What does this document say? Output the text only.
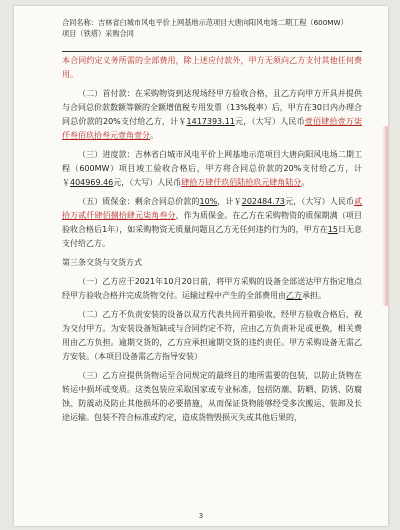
合同名称：吉林省白城市风电平价上网基地示范项目大唐向阳风电场二期工程（600MW）
项目（铁塔）采购合同

本合同约定义务所需的全部费用，除上述应付款外，甲方无须向乙方支付其他任何费用。

（二）首付款：在采购物资到达现场经甲方验收合格，且乙方向甲方开具并提供与合同总价款数额等额的全额增值税专用发票（13%税率）后，甲方在30日内办理合同总价款的20%支付给乙方，计￥1417393.11元，（大写）人民币壹佰肆拾壹万柒仟叁佰玖拾叁元壹角壹分。

（三）进度款：吉林省白城市风电平价上网基地示范项目大唐向阳风电场二期工程（600MW）项目竣工验收合格后，甲方将合同总价款的20%支付给乙方，计￥404969.46元，（大写）人民币肆拾万肆仟玖佰陆拾玖元肆角陆分。

（五）质保金：剩余合同总价款的10%，计￥202484.73元，（大写）人民币贰拾万贰仟肆佰捌拾肆元柒角叁分，作为质保金。在乙方在采购物资的质保期满（项目验收合格后1年），如采购物资无质量问题且乙方无任何违约行为的，甲方在15日无息支付给乙方。

第三条交货与交货方式

（一）乙方应于2021年10月20日前，将甲方采购的设备全部送达甲方指定地点经甲方验收合格并完成货物交付。运输过程中产生的全部费用由乙方承担。

（二）乙方不负责安装的设备以双方代表共同开箱验收，经甲方验收合格后，视为交付甲方。为安装设备短缺或与合同约定不符，应由乙方负责补足或更换，相关费用由乙方负担。逾期交货的，乙方应承担逾期交货的违约责任。甲方采购设备无需乙方安装。（本项目设备需乙方指导安装）

（三）乙方应提供货物运至合同规定的最终目的地所需要的包装，以防止货物在转运中损坏或变质。这类包装应采取国家或专业标准，包括防潮、防晒、防锈、防腐蚀、防震动及防止其他损坏的必要措施，从而保证货物能够经受多次搬运、装卸及长途运输。包装不符合标准或约定，造成货物毁损灭失或其他后果的，

3
